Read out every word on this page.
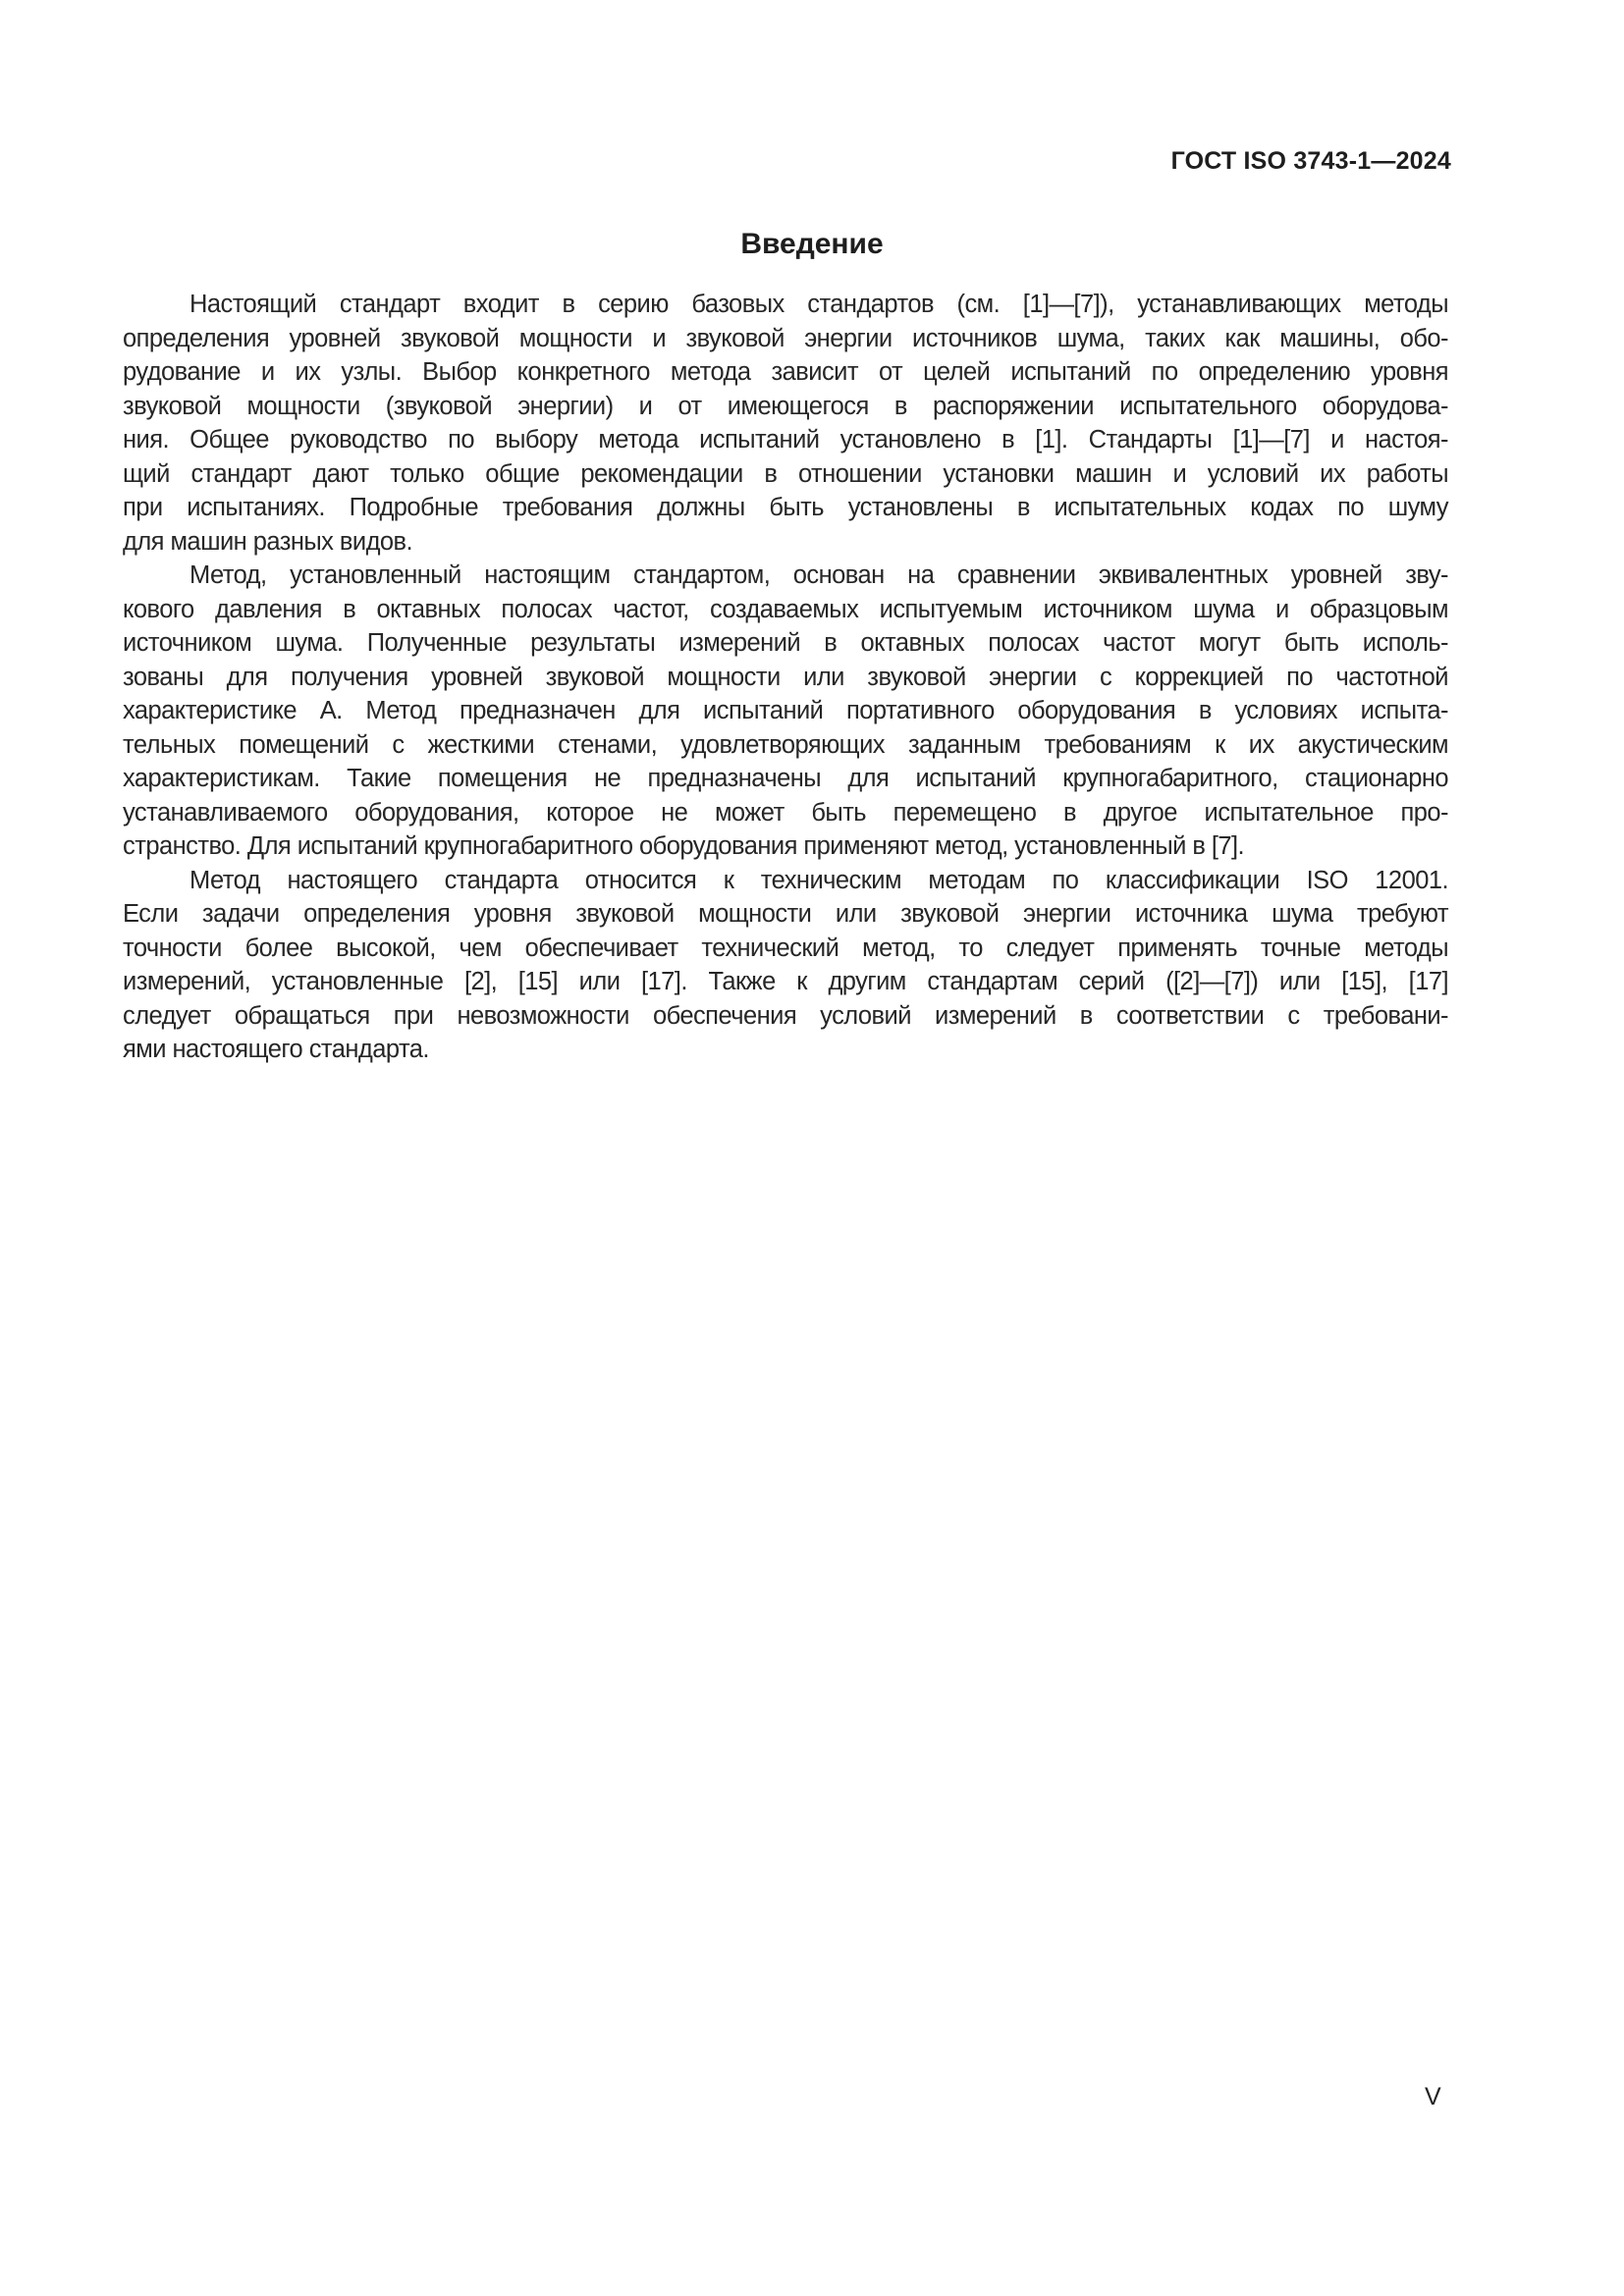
ГОСТ ISO 3743-1—2024
Введение
Настоящий стандарт входит в серию базовых стандартов (см. [1]—[7]), устанавливающих методы
определения уровней звуковой мощности и звуковой энергии источников шума, таких как машины, обо-
рудование и их узлы. Выбор конкретного метода зависит от целей испытаний по определению уровня
звуковой мощности (звуковой энергии) и от имеющегося в распоряжении испытательного оборудова-
ния. Общее руководство по выбору метода испытаний установлено в [1]. Стандарты [1]—[7] и настоя-
щий стандарт дают только общие рекомендации в отношении установки машин и условий их работы
при испытаниях. Подробные требования должны быть установлены в испытательных кодах по шуму
для машин разных видов.
Метод, установленный настоящим стандартом, основан на сравнении эквивалентных уровней зву-
кового давления в октавных полосах частот, создаваемых испытуемым источником шума и образцовым
источником шума. Полученные результаты измерений в октавных полосах частот могут быть исполь-
зованы для получения уровней звуковой мощности или звуковой энергии с коррекцией по частотной
характеристике A. Метод предназначен для испытаний портативного оборудования в условиях испыта-
тельных помещений с жесткими стенами, удовлетворяющих заданным требованиям к их акустическим
характеристикам. Такие помещения не предназначены для испытаний крупногабаритного, стационарно
устанавливаемого оборудования, которое не может быть перемещено в другое испытательное про-
странство. Для испытаний крупногабаритного оборудования применяют метод, установленный в [7].
Метод настоящего стандарта относится к техническим методам по классификации ISO 12001.
Если задачи определения уровня звуковой мощности или звуковой энергии источника шума требуют
точности более высокой, чем обеспечивает технический метод, то следует применять точные методы
измерений, установленные [2], [15] или [17]. Также к другим стандартам серий ([2]—[7]) или [15], [17]
следует обращаться при невозможности обеспечения условий измерений в соответствии с требовани-
ями настоящего стандарта.
V
